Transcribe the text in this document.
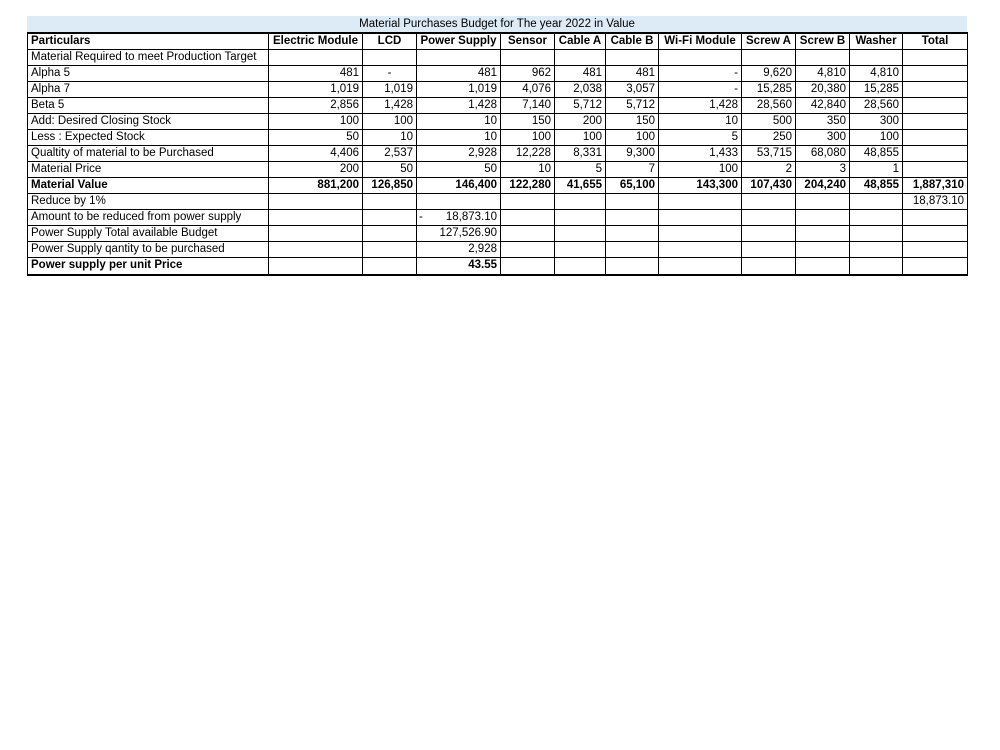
Material Purchases Budget for The year 2022 in Value
Particulars	Electric Module	LCD	Power Supply	Sensor	Cable A	Cable B	Wi-Fi Module	Screw A	Screw B	Washer	Total
Material Required to meet Production Target											
Alpha 5	481	-	481	962	481	481	-	9,620	4,810	4,810	
Alpha 7	1,019	1,019	1,019	4,076	2,038	3,057	-	15,285	20,380	15,285	
Beta 5	2,856	1,428	1,428	7,140	5,712	5,712	1,428	28,560	42,840	28,560	
Add: Desired Closing Stock	100	100	10	150	200	150	10	500	350	300	
Less : Expected Stock	50	10	10	100	100	100	5	250	300	100	
Qualtity of material to be Purchased	4,406	2,537	2,928	12,228	8,331	9,300	1,433	53,715	68,080	48,855	
Material Price	200	50	50	10	5	7	100	2	3	1	
Material Value	881,200	126,850	146,400	122,280	41,655	65,100	143,300	107,430	204,240	48,855	1,887,310
Reduce by 1%											18,873.10
Amount to be reduced from power supply			- 18,873.10								
Power Supply Total available Budget			127,526.90								
Power Supply qantity to be purchased			2,928								
Power supply per unit Price			43.55								
